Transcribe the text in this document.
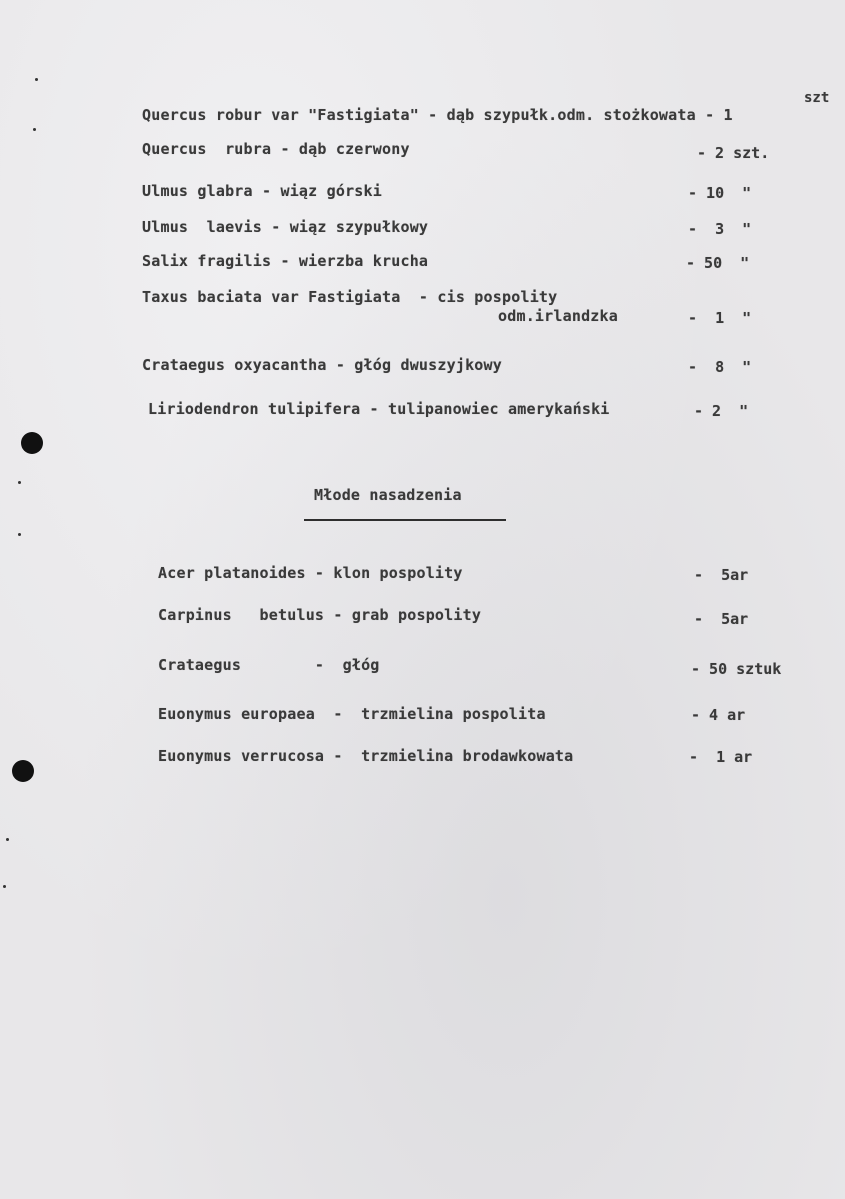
szt
Quercus robur var "Fastigiata" - dąb szypułk.odm. stożkowata - 1
Quercus  rubra - dąb czerwony	- 2 szt.
Ulmus glabra - wiąz górski	- 10  "
Ulmus  laevis - wiąz szypułkowy	-  3  "
Salix fragilis - wierzba krucha	- 50  "
Taxus baciata var Fastigiata  - cis pospolity
odm.irlandzka	-  1  "
Crataegus oxyacantha - głóg dwuszyjkowy	-  8  "
Liriodendron tulipifera - tulipanowiec amerykański	- 2  "
Młode nasadzenia
Acer platanoides - klon pospolity	-  5ar
Carpinus   betulus - grab pospolity	-  5ar
Crataegus        -  głóg	- 50 sztuk
Euonymus europaea  -  trzmielina pospolita	- 4 ar
Euonymus verrucosa -  trzmielina brodawkowata	-  1 ar
